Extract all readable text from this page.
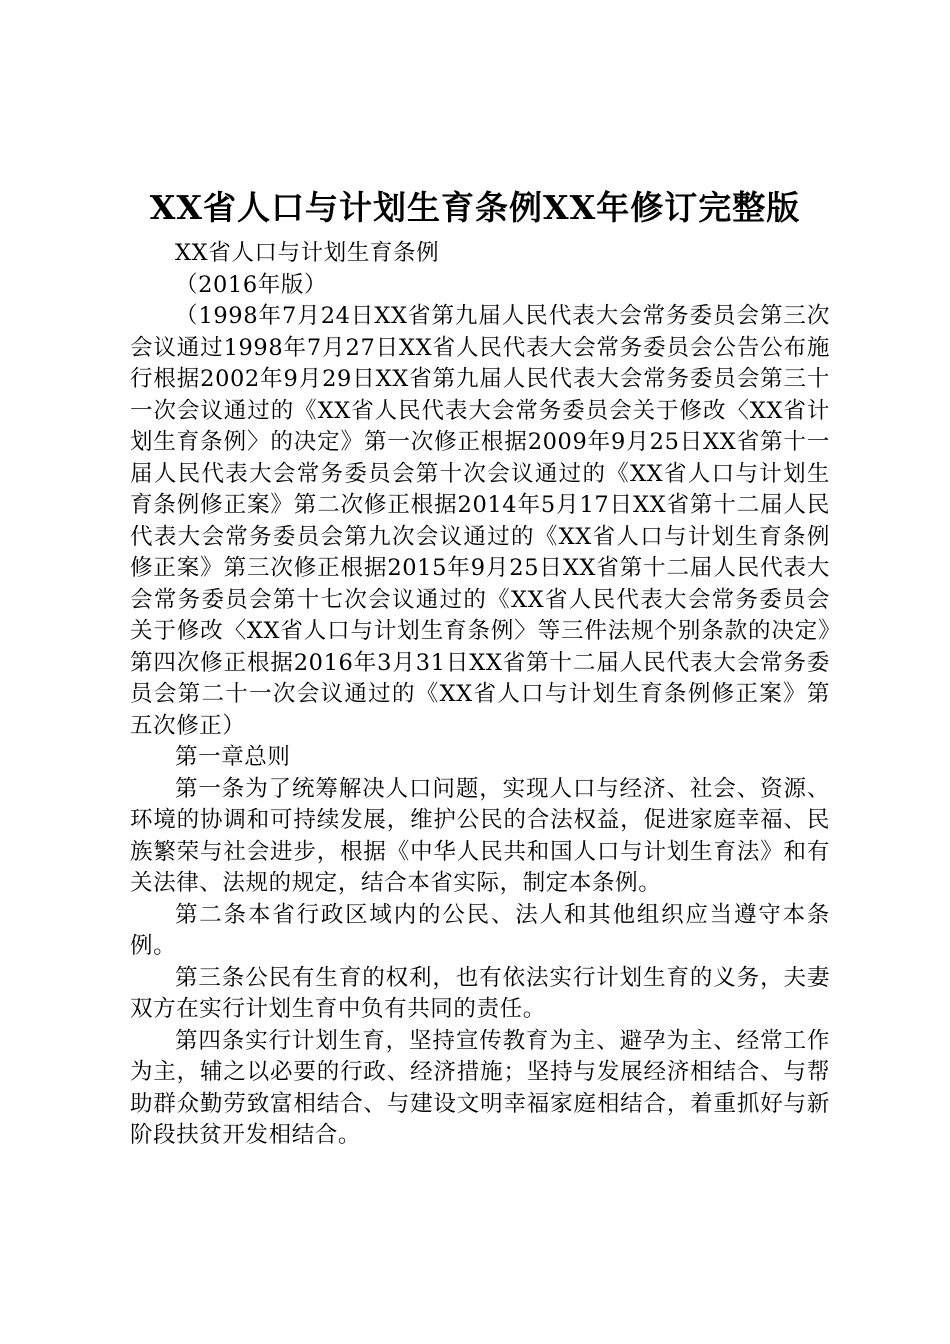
XX省人口与计划生育条例XX年修订完整版

XX省人口与计划生育条例

（2016年版）

（1998年7月24日XX省第九届人民代表大会常务委员会第三次会议通过1998年7月27日XX省人民代表大会常务委员会公告公布施行根据2002年9月29日XX省第九届人民代表大会常务委员会第三十一次会议通过的《XX省人民代表大会常务委员会关于修改〈XX省计划生育条例〉的决定》第一次修正根据2009年9月25日XX省第十一届人民代表大会常务委员会第十次会议通过的《XX省人口与计划生育条例修正案》第二次修正根据2014年5月17日XX省第十二届人民代表大会常务委员会第九次会议通过的《XX省人口与计划生育条例修正案》第三次修正根据2015年9月25日XX省第十二届人民代表大会常务委员会第十七次会议通过的《XX省人民代表大会常务委员会关于修改〈XX省人口与计划生育条例〉等三件法规个别条款的决定》第四次修正根据2016年3月31日XX省第十二届人民代表大会常务委员会第二十一次会议通过的《XX省人口与计划生育条例修正案》第五次修正）

第一章总则

第一条为了统筹解决人口问题，实现人口与经济、社会、资源、环境的协调和可持续发展，维护公民的合法权益，促进家庭幸福、民族繁荣与社会进步，根据《中华人民共和国人口与计划生育法》和有关法律、法规的规定，结合本省实际，制定本条例。

第二条本省行政区域内的公民、法人和其他组织应当遵守本条例。

第三条公民有生育的权利，也有依法实行计划生育的义务，夫妻双方在实行计划生育中负有共同的责任。

第四条实行计划生育，坚持宣传教育为主、避孕为主、经常工作为主，辅之以必要的行政、经济措施；坚持与发展经济相结合、与帮助群众勤劳致富相结合、与建设文明幸福家庭相结合，着重抓好与新阶段扶贫开发相结合。
